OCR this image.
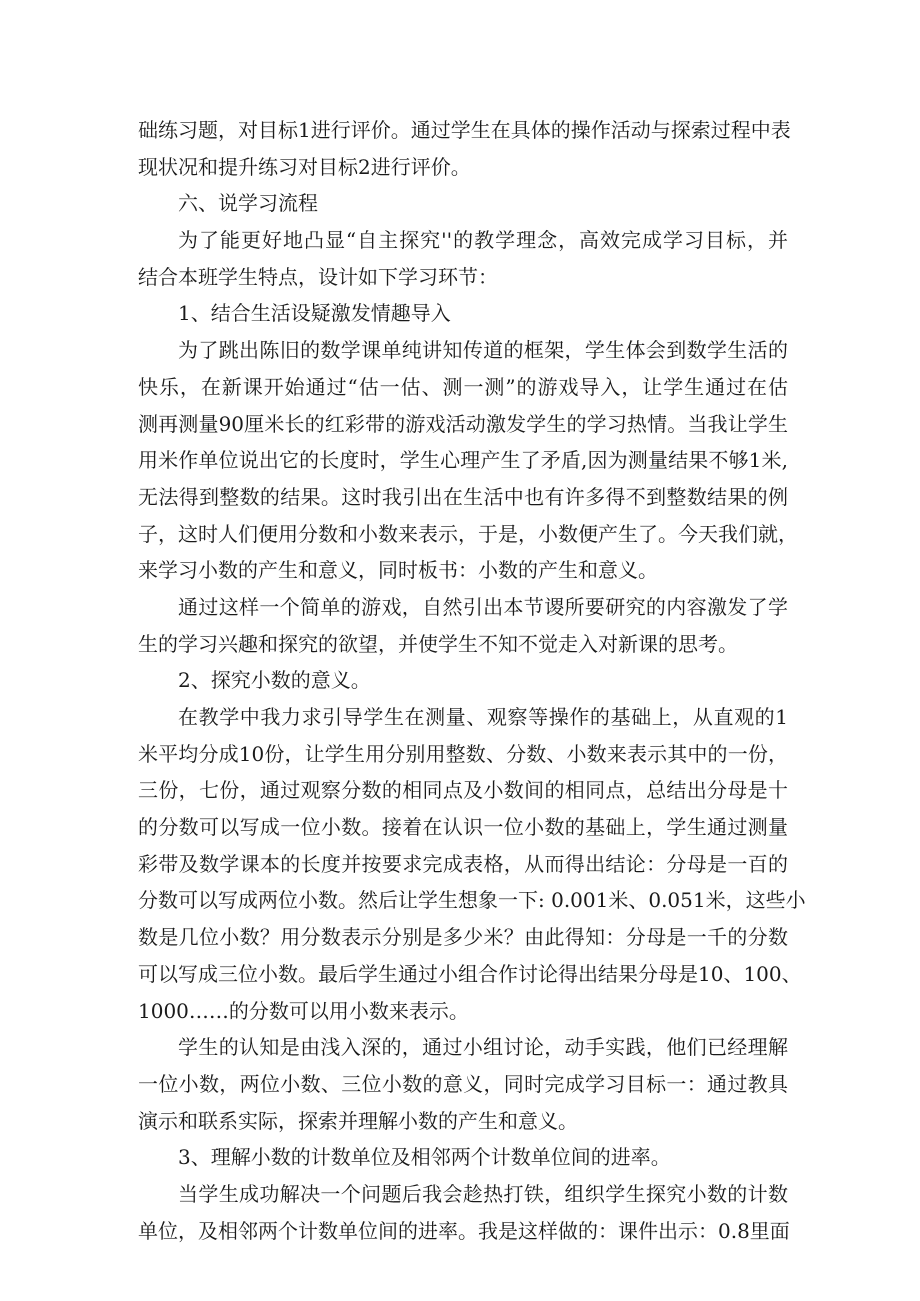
础练习题，对目标1进行评价。通过学生在具体的操作活动与探索过程中表
现状况和提升练习对目标2进行评价。
六、说学习流程
为了能更好地凸显“自主探究''的教学理念，高效完成学习目标，并
结合本班学生特点，设计如下学习环节：
1、结合生活设疑激发情趣导入
为了跳出陈旧的数学课单纯讲知传道的框架，学生体会到数学生活的
快乐，在新课开始通过“估一估、测一测”的游戏导入，让学生通过在估
测再测量90厘米长的红彩带的游戏活动激发学生的学习热情。当我让学生
用米作单位说出它的长度时，学生心理产生了矛盾,因为测量结果不够1米,
无法得到整数的结果。这时我引出在生活中也有许多得不到整数结果的例
子，这时人们便用分数和小数来表示，于是，小数便产生了。今天我们就，
来学习小数的产生和意义，同时板书：小数的产生和意义。
通过这样一个简单的游戏，自然引出本节谡所要研究的内容激发了学
生的学习兴趣和探究的欲望，并使学生不知不觉走入对新课的思考。
2、探究小数的意义。
在教学中我力求引导学生在测量、观察等操作的基础上，从直观的1
米平均分成10份，让学生用分别用整数、分数、小数来表示其中的一份，
三份，七份，通过观察分数的相同点及小数间的相同点，总结出分母是十
的分数可以写成一位小数。接着在认识一位小数的基础上，学生通过测量
彩带及数学课本的长度并按要求完成表格，从而得出结论：分母是一百的
分数可以写成两位小数。然后让学生想象一下: 0.001米、0.051米，这些小
数是几位小数？用分数表示分别是多少米？由此得知：分母是一千的分数
可以写成三位小数。最后学生通过小组合作讨论得出结果分母是10、100、
1000……的分数可以用小数来表示。
学生的认知是由浅入深的，通过小组讨论，动手实践，他们已经理解
一位小数，两位小数、三位小数的意义，同时完成学习目标一：通过教具
演示和联系实际，探索并理解小数的产生和意义。
3、理解小数的计数单位及相邻两个计数单位间的进率。
当学生成功解决一个问题后我会趁热打铁，组织学生探究小数的计数
单位，及相邻两个计数单位间的进率。我是这样做的：课件出示：0.8里面
